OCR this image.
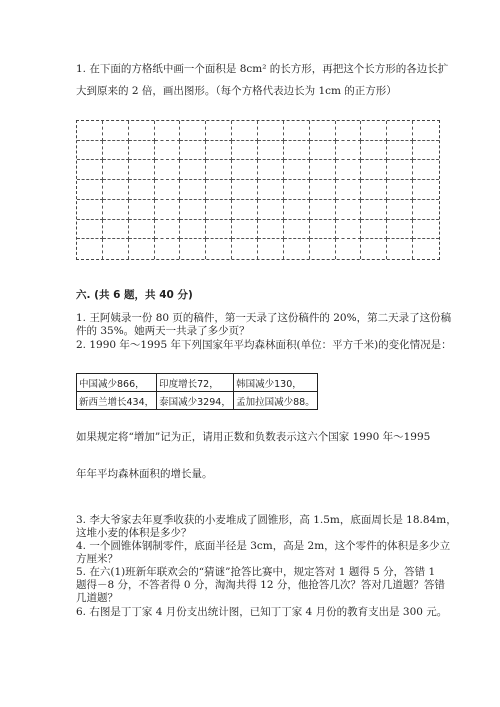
1. 在下面的方格纸中画一个面积是 8cm² 的长方形，再把这个长方形的各边长扩
大到原来的 2 倍，画出图形。（每个方格代表边长为 1cm 的正方形）
六. (共 6 题，共 40 分)
1. 王阿姨录一份 80 页的稿件，第一天录了这份稿件的 20%，第二天录了这份稿
件的 35%。她两天一共录了多少页？
2. 1990 年～1995 年下列国家年平均森林面积(单位：平方千米)的变化情况是：
中国减少866，	印度增长72，	韩国减少130，
新西兰增长434，	泰国减少3294，	孟加拉国减少88。
如果规定将“增加”记为正，请用正数和负数表示这六个国家 1990 年～1995
年年平均森林面积的增长量。
3. 李大爷家去年夏季收获的小麦堆成了圆锥形，高 1.5m，底面周长是 18.84m，
这堆小麦的体积是多少？
4. 一个圆锥体钢制零件，底面半径是 3cm，高是 2m，这个零件的体积是多少立
方厘米？
5. 在六(1)班新年联欢会的“猜谜”抢答比赛中，规定答对 1 题得 5 分，答错 1
题得－8 分，不答者得 0 分，淘淘共得 12 分，他抢答几次？答对几道题？答错
几道题？
6. 右图是丁丁家 4 月份支出统计图，已知丁丁家 4 月份的教育支出是 300 元。
